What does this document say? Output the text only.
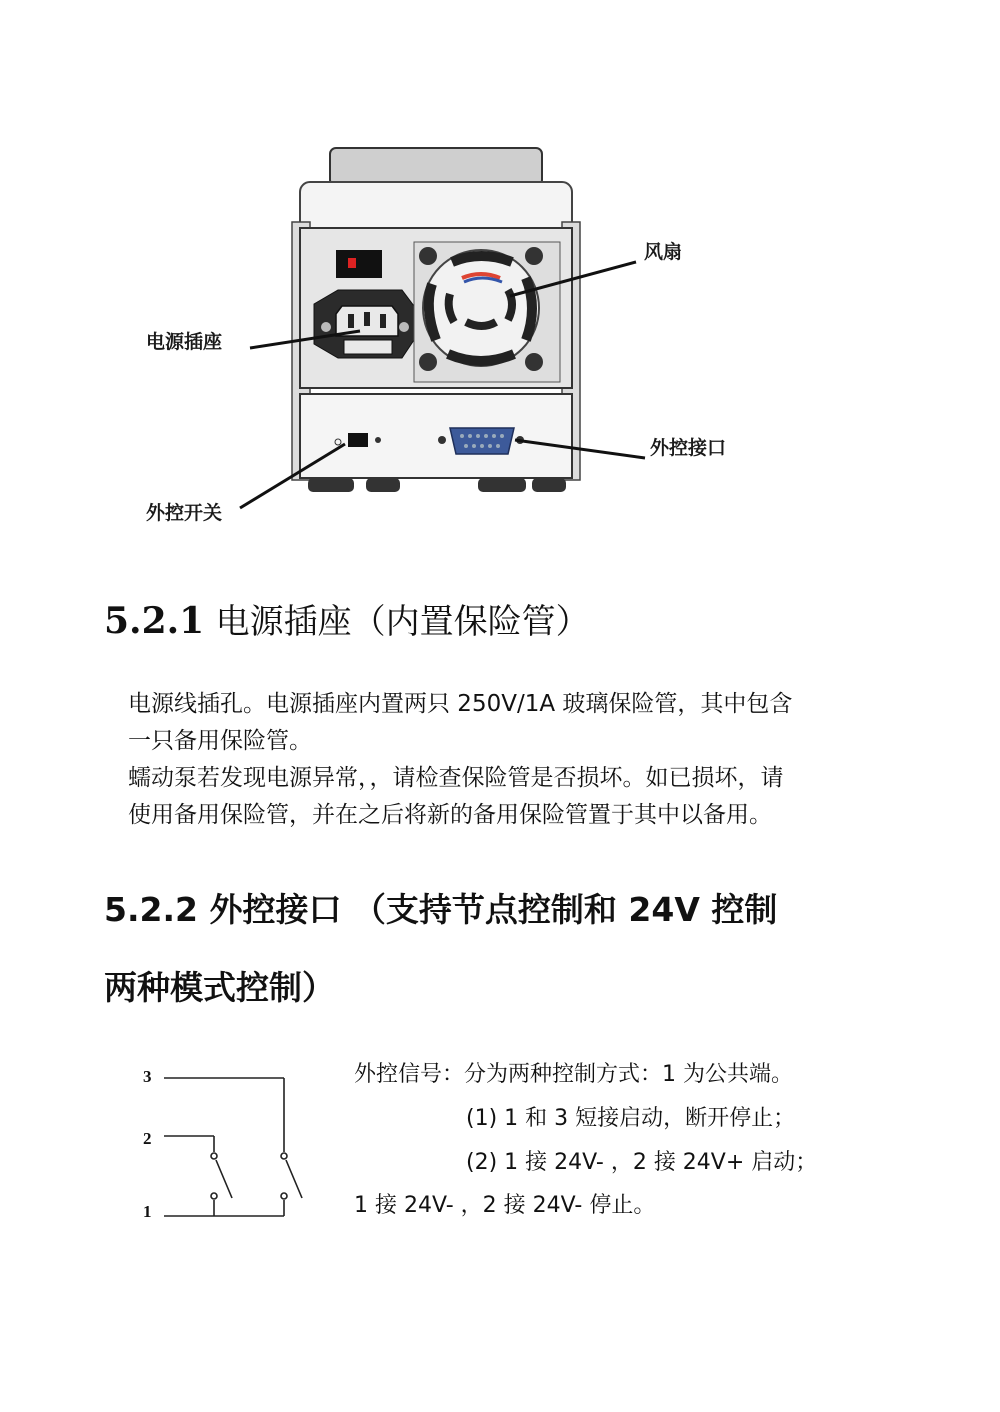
风扇
电源插座
外控接口
外控开关
5.2.1 电源插座（内置保险管）
电源线插孔。电源插座内置两只 250V/1A 玻璃保险管，其中包含
一只备用保险管。
蠕动泵若发现电源异常，，请检查保险管是否损坏。如已损坏，请
使用备用保险管，并在之后将新的备用保险管置于其中以备用。
5.2.2 外控接口 （支持节点控制和 24V 控制
两种模式控制）
3
2
1
外控信号：分为两种控制方式：1 为公共端。
(1) 1 和 3 短接启动，断开停止；
(2) 1 接 24V- ，2 接 24V+ 启动；
1 接 24V- ，2 接 24V- 停止。
